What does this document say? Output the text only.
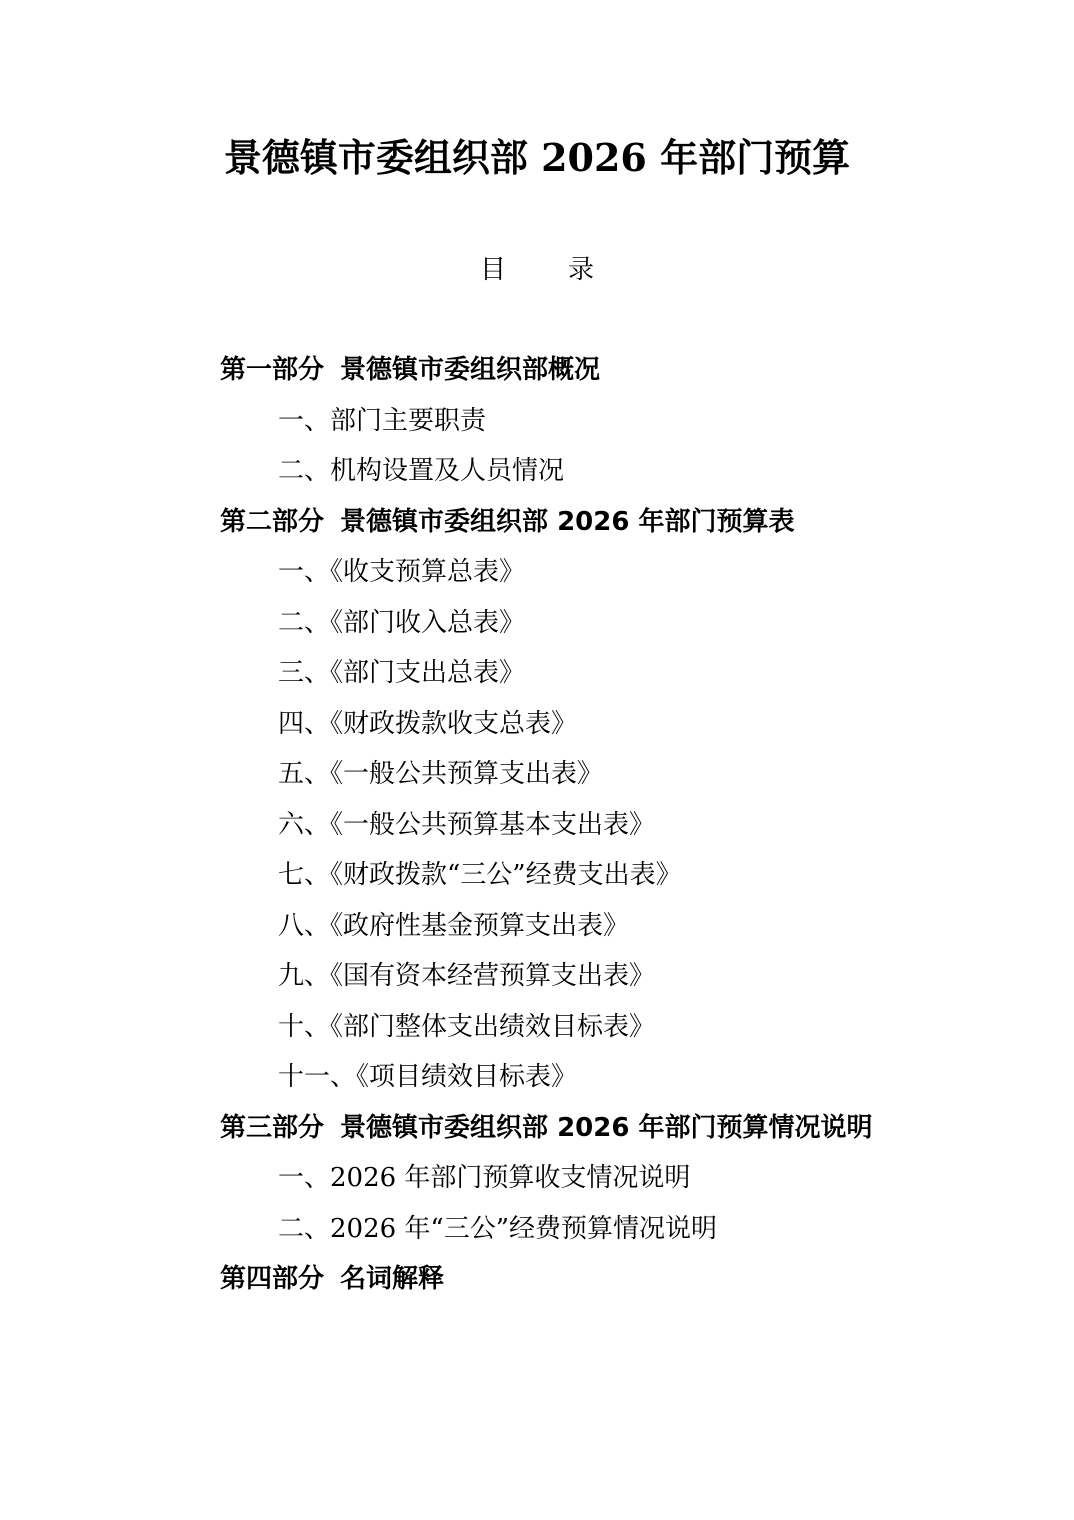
景德镇市委组织部 2026 年部门预算
目 录
第一部分 景德镇市委组织部概况
一、部门主要职责
二、机构设置及人员情况
第二部分 景德镇市委组织部 2026 年部门预算表
一、《收支预算总表》
二、《部门收入总表》
三、《部门支出总表》
四、《财政拨款收支总表》
五、《一般公共预算支出表》
六、《一般公共预算基本支出表》
七、《财政拨款“三公”经费支出表》
八、《政府性基金预算支出表》
九、《国有资本经营预算支出表》
十、《部门整体支出绩效目标表》
十一、《项目绩效目标表》
第三部分 景德镇市委组织部 2026 年部门预算情况说明
一、2026 年部门预算收支情况说明
二、2026 年“三公”经费预算情况说明
第四部分 名词解释
